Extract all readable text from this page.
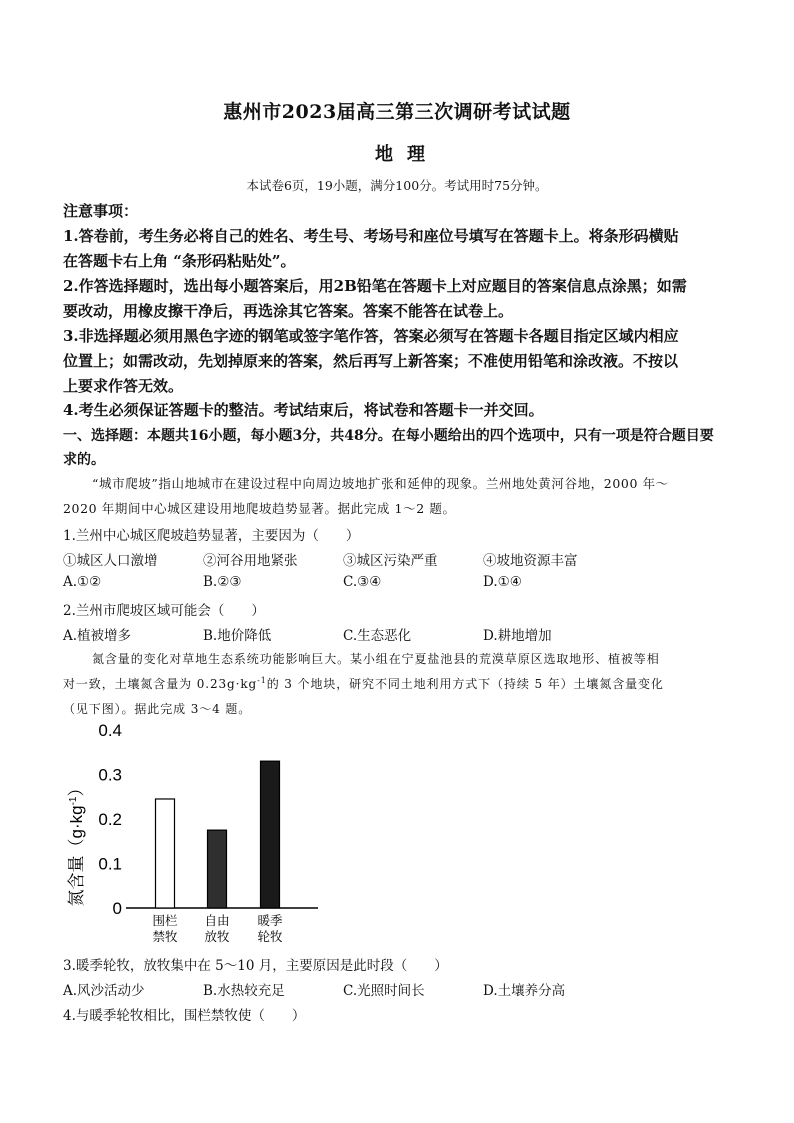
惠州市2023届高三第三次调研考试试题
地理
本试卷6页，19小题，满分100分。考试用时75分钟。
注意事项：
1.答卷前，考生务必将自己的姓名、考生号、考场号和座位号填写在答题卡上。将条形码横贴
在答题卡右上角 “条形码粘贴处”。
2.作答选择题时，选出每小题答案后，用2B铅笔在答题卡上对应题目的答案信息点涂黑；如需
要改动，用橡皮擦干净后，再选涂其它答案。答案不能答在试卷上。
3.非选择题必须用黑色字迹的钢笔或签字笔作答，答案必须写在答题卡各题目指定区域内相应
位置上；如需改动，先划掉原来的答案，然后再写上新答案；不准使用铅笔和涂改液。不按以
上要求作答无效。
4.考生必须保证答题卡的整洁。考试结束后，将试卷和答题卡一并交回。
一、选择题：本题共16小题，每小题3分，共48分。在每小题给出的四个选项中，只有一项是符合题目要
求的。
“城市爬坡”指山地城市在建设过程中向周边坡地扩张和延伸的现象。兰州地处黄河谷地，2000 年～
2020 年期间中心城区建设用地爬坡趋势显著。据此完成 1～2 题。
1.兰州中心城区爬坡趋势显著，主要因为（　　）
①城区人口激增	②河谷用地紧张	③城区污染严重	④坡地资源丰富
A.①②	B.②③	C.③④	D.①④
2.兰州市爬坡区域可能会（　　）
A.植被增多	B.地价降低	C.生态恶化	D.耕地增加
氮含量的变化对草地生态系统功能影响巨大。某小组在宁夏盐池县的荒漠草原区选取地形、植被等相
对一致，土壤氮含量为 $0.23g\cdot kg^{-1}$的 3 个地块，研究不同土地利用方式下（持续 5 年）土壤氮含量变化
（见下图）。据此完成 3～4 题。
0
0.1
0.2
0.3
0.4
围栏禁牧
自由放牧
暖季轮牧
氮含量$(g\cdot kg^{-1})$
3.暖季轮牧，放牧集中在 5～10 月，主要原因是此时段（　　）
A.风沙活动少	B.水热较充足	C.光照时间长	D.土壤养分高
4.与暖季轮牧相比，围栏禁牧使（　　）
